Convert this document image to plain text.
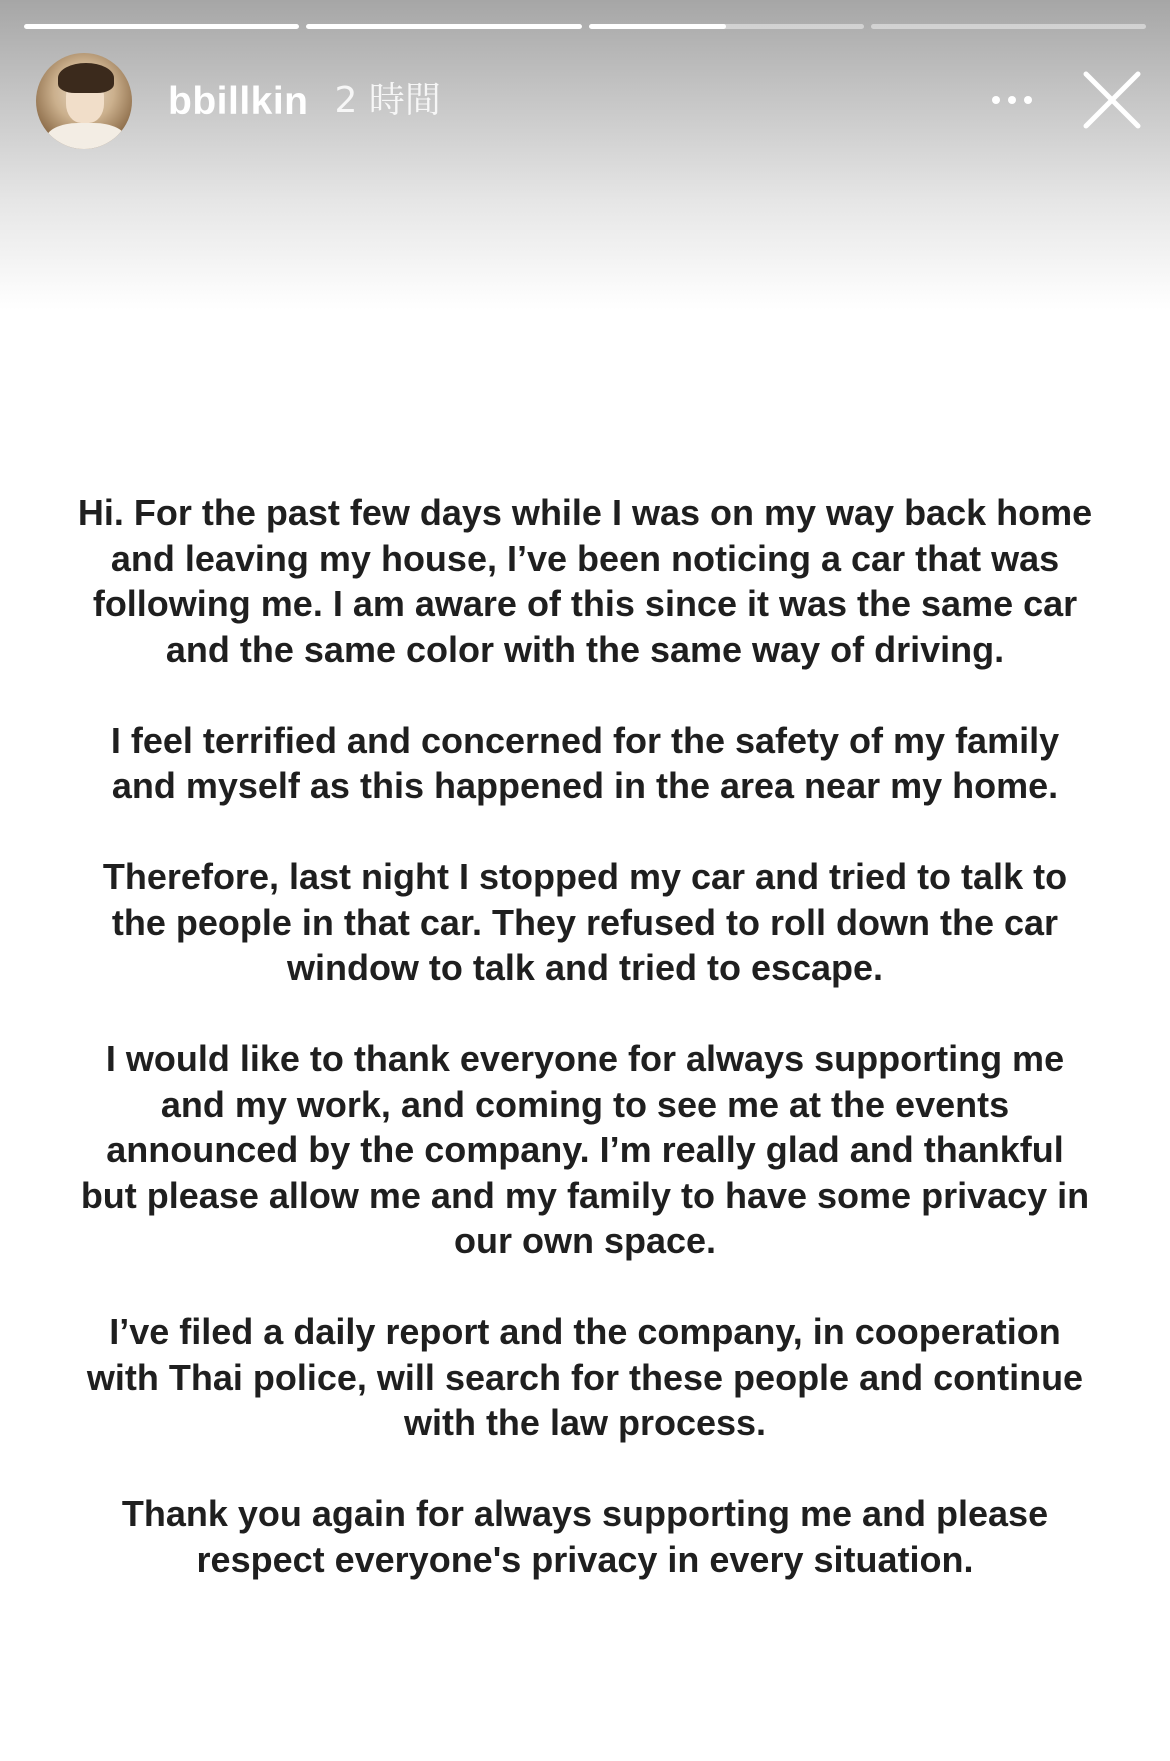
bbillkin 2 時間

Hi. For the past few days while I was on my way back home
and leaving my house, I’ve been noticing a car that was
following me. I am aware of this since it was the same car
and the same color with the same way of driving.

I feel terrified and concerned for the safety of my family
and myself as this happened in the area near my home.

Therefore, last night I stopped my car and tried to talk to
the people in that car. They refused to roll down the car
window to talk and tried to escape.

I would like to thank everyone for always supporting me
and my work, and coming to see me at the events
announced by the company. I’m really glad and thankful
but please allow me and my family to have some privacy in
our own space.

I’ve filed a daily report and the company, in cooperation
with Thai police, will search for these people and continue
with the law process.

Thank you again for always supporting me and please
respect everyone's privacy in every situation.
